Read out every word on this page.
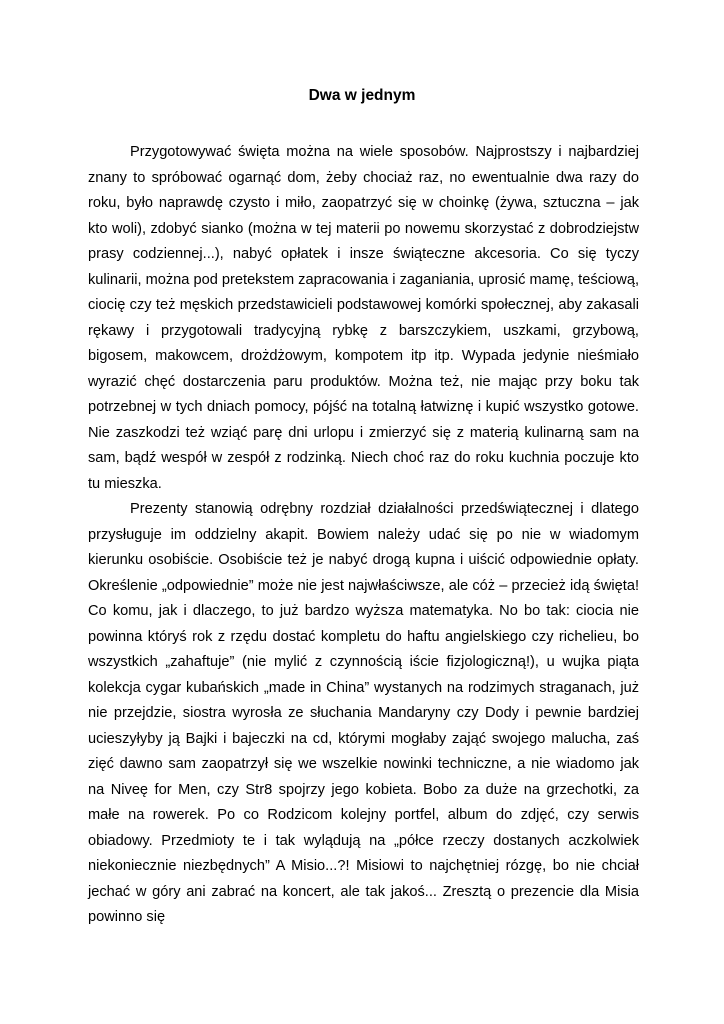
Dwa w jednym

Przygotowywać święta można na wiele sposobów. Najprostszy i najbardziej znany to spróbować ogarnąć dom, żeby chociaż raz, no ewentualnie dwa razy do roku, było naprawdę czysto i miło, zaopatrzyć się w choinkę (żywa, sztuczna – jak kto woli), zdobyć sianko (można w tej materii po nowemu skorzystać z dobrodziejstw prasy codziennej...), nabyć opłatek i insze świąteczne akcesoria. Co się tyczy kulinarii, można pod pretekstem zapracowania i zaganiania, uprosić mamę, teściową, ciocię czy też męskich przedstawicieli podstawowej komórki społecznej, aby zakasali rękawy i przygotowali tradycyjną rybkę z barszczykiem, uszkami, grzybową, bigosem, makowcem, drożdżowym, kompotem itp itp. Wypada jedynie nieśmiało wyrazić chęć dostarczenia paru produktów. Można też, nie mając przy boku tak potrzebnej w tych dniach pomocy, pójść na totalną łatwiznę i kupić wszystko gotowe. Nie zaszkodzi też wziąć parę dni urlopu i zmierzyć się z materią kulinarną sam na sam, bądź wespół w zespół z rodzinką. Niech choć raz do roku kuchnia poczuje kto tu mieszka.

Prezenty stanowią odrębny rozdział działalności przedświątecznej i dlatego przysługuje im oddzielny akapit. Bowiem należy udać się po nie w wiadomym kierunku osobiście. Osobiście też je nabyć drogą kupna i uiścić odpowiednie opłaty. Określenie „odpowiednie” może nie jest najwłaściwsze, ale cóż – przecież idą święta! Co komu, jak i dlaczego, to już bardzo wyższa matematyka. No bo tak: ciocia nie powinna któryś rok z rzędu dostać kompletu do haftu angielskiego czy richelieu, bo wszystkich „zahaftuje” (nie mylić z czynnością iście fizjologiczną!), u wujka piąta kolekcja cygar kubańskich „made in China” wystanych na rodzimych straganach, już nie przejdzie, siostra wyrosła ze słuchania Mandaryny czy Dody i pewnie bardziej ucieszyłyby ją Bajki i bajeczki na cd, którymi mogłaby zająć swojego malucha, zaś zięć dawno sam zaopatrzył się we wszelkie nowinki techniczne, a nie wiadomo jak na Niveę for Men, czy Str8 spojrzy jego kobieta. Bobo za duże na grzechotki, za małe na rowerek. Po co Rodzicom kolejny portfel, album do zdjęć, czy serwis obiadowy. Przedmioty te i tak wylądują na „półce rzeczy dostanych aczkolwiek niekoniecznie niezbędnych” A Misio...?! Misiowi to najchętniej rózgę, bo nie chciał jechać w góry ani zabrać na koncert, ale tak jakoś... Zresztą o prezencie dla Misia powinno się
